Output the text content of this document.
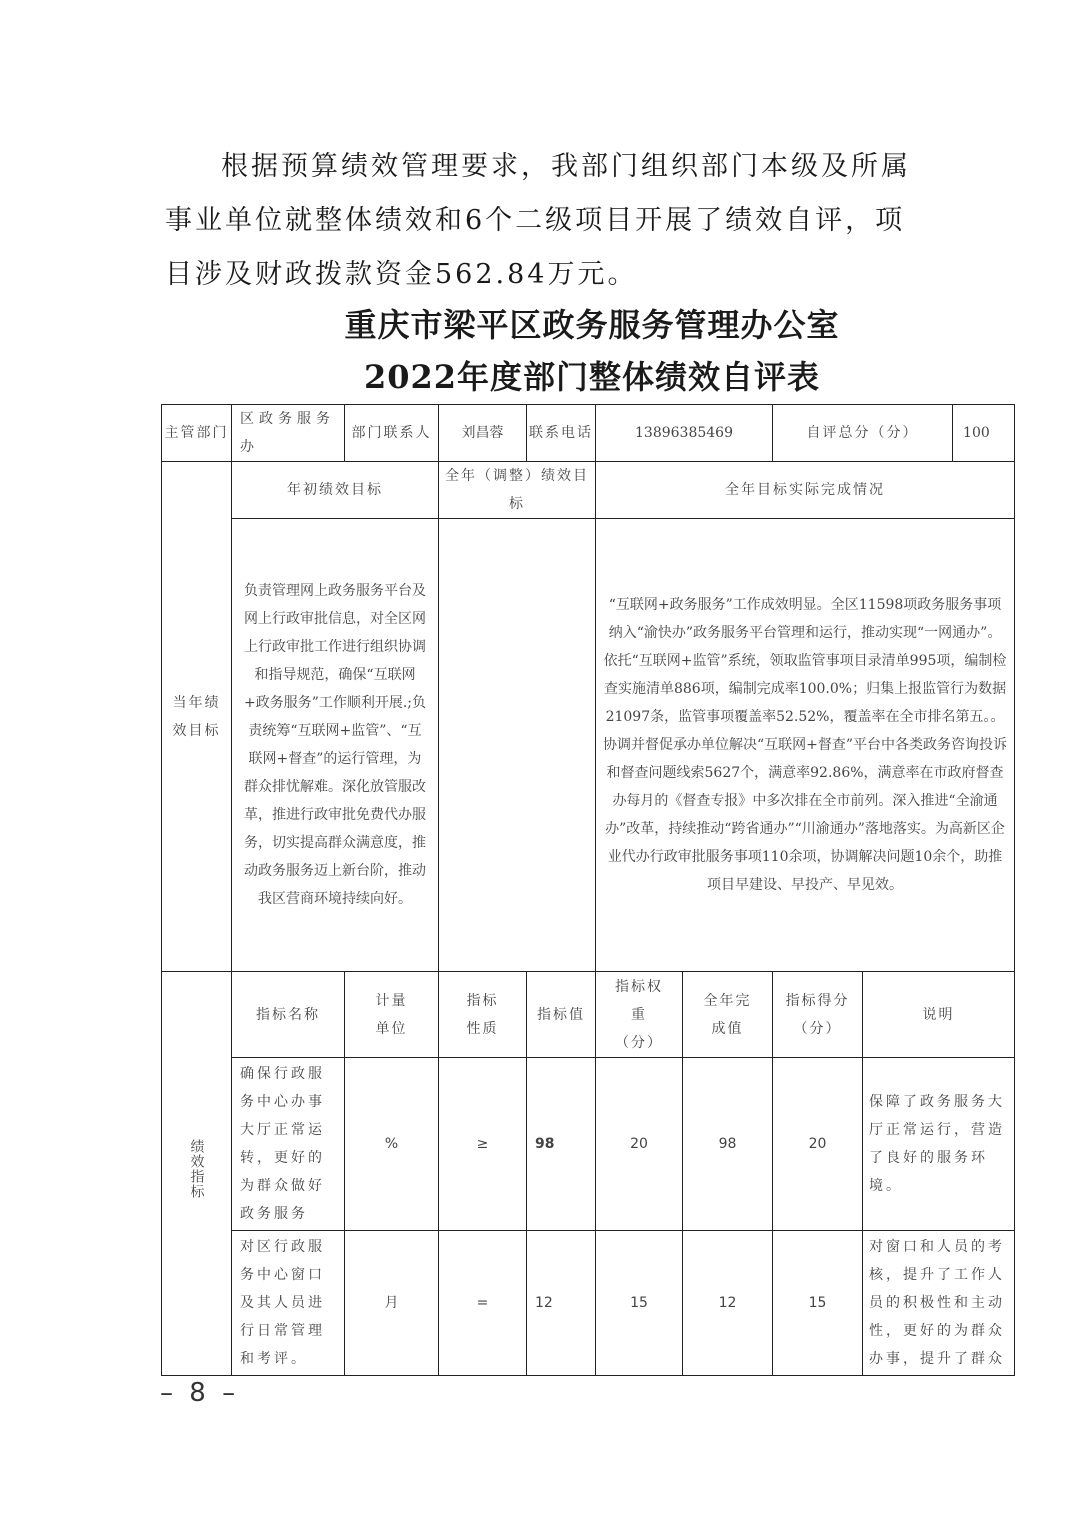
根据预算绩效管理要求，我部门组织部门本级及所属事业单位就整体绩效和6个二级项目开展了绩效自评，项目涉及财政拨款资金562.84万元。

重庆市梁平区政务服务管理办公室
2022年度部门整体绩效自评表
主管部门	区政务服务办	部门联系人	刘昌蓉	联系电话	13896385469		自评总分（分）		100
当年绩效目标	年初绩效目标		全年（调整）绩效目标		全年目标实际完成情况				
	负责管理网上政务服务平台及网上行政审批信息，对全区网上行政审批工作进行组织协调和指导规范，确保“互联网+政务服务”工作顺利开展.;负责统筹“互联网+监管”、“互联网+督查”的运行管理，为群众排忧解难。深化放管服改革，推进行政审批免费代办服务，切实提高群众满意度，推动政务服务迈上新台阶，推动我区营商环境持续向好。				“互联网+政务服务”工作成效明显。全区11598项政务服务事项纳入“渝快办”政务服务平台管理和运行，推动实现“一网通办”。依托“互联网+监管”系统，领取监管事项目录清单995项，编制检查实施清单886项，编制完成率100.0%；归集上报监管行为数据21097条，监管事项覆盖率52.52%，覆盖率在全市排名第五。。协调并督促承办单位解决“互联网+督查”平台中各类政务咨询投诉和督查问题线索5627个，满意率92.86%，满意率在市政府督查办每月的《督查专报》中多次排在全市前列。深入推进“全渝通办”改革，持续推动“跨省通办”“川渝通办”落地落实。为高新区企业代办行政审批服务事项110余项，协调解决问题10余个，助推项目早建设、早投产、早见效。				
绩效指标	指标名称	计量单位	指标性质	指标值	指标权重（分）	全年完成值	指标得分（分）	说明	
	确保行政服务中心办事大厅正常运转，更好的为群众做好政务服务	%	≥	98	20	98	20	保障了政务服务大厅正常运行，营造了良好的服务环境。	
	对区行政服务中心窗口及其人员进行日常管理和考评。	月	=	12	15	12	15	对窗口和人员的考核，提升了工作人员的积极性和主动性，更好的为群众办事，提升了群众	
– 8 –
